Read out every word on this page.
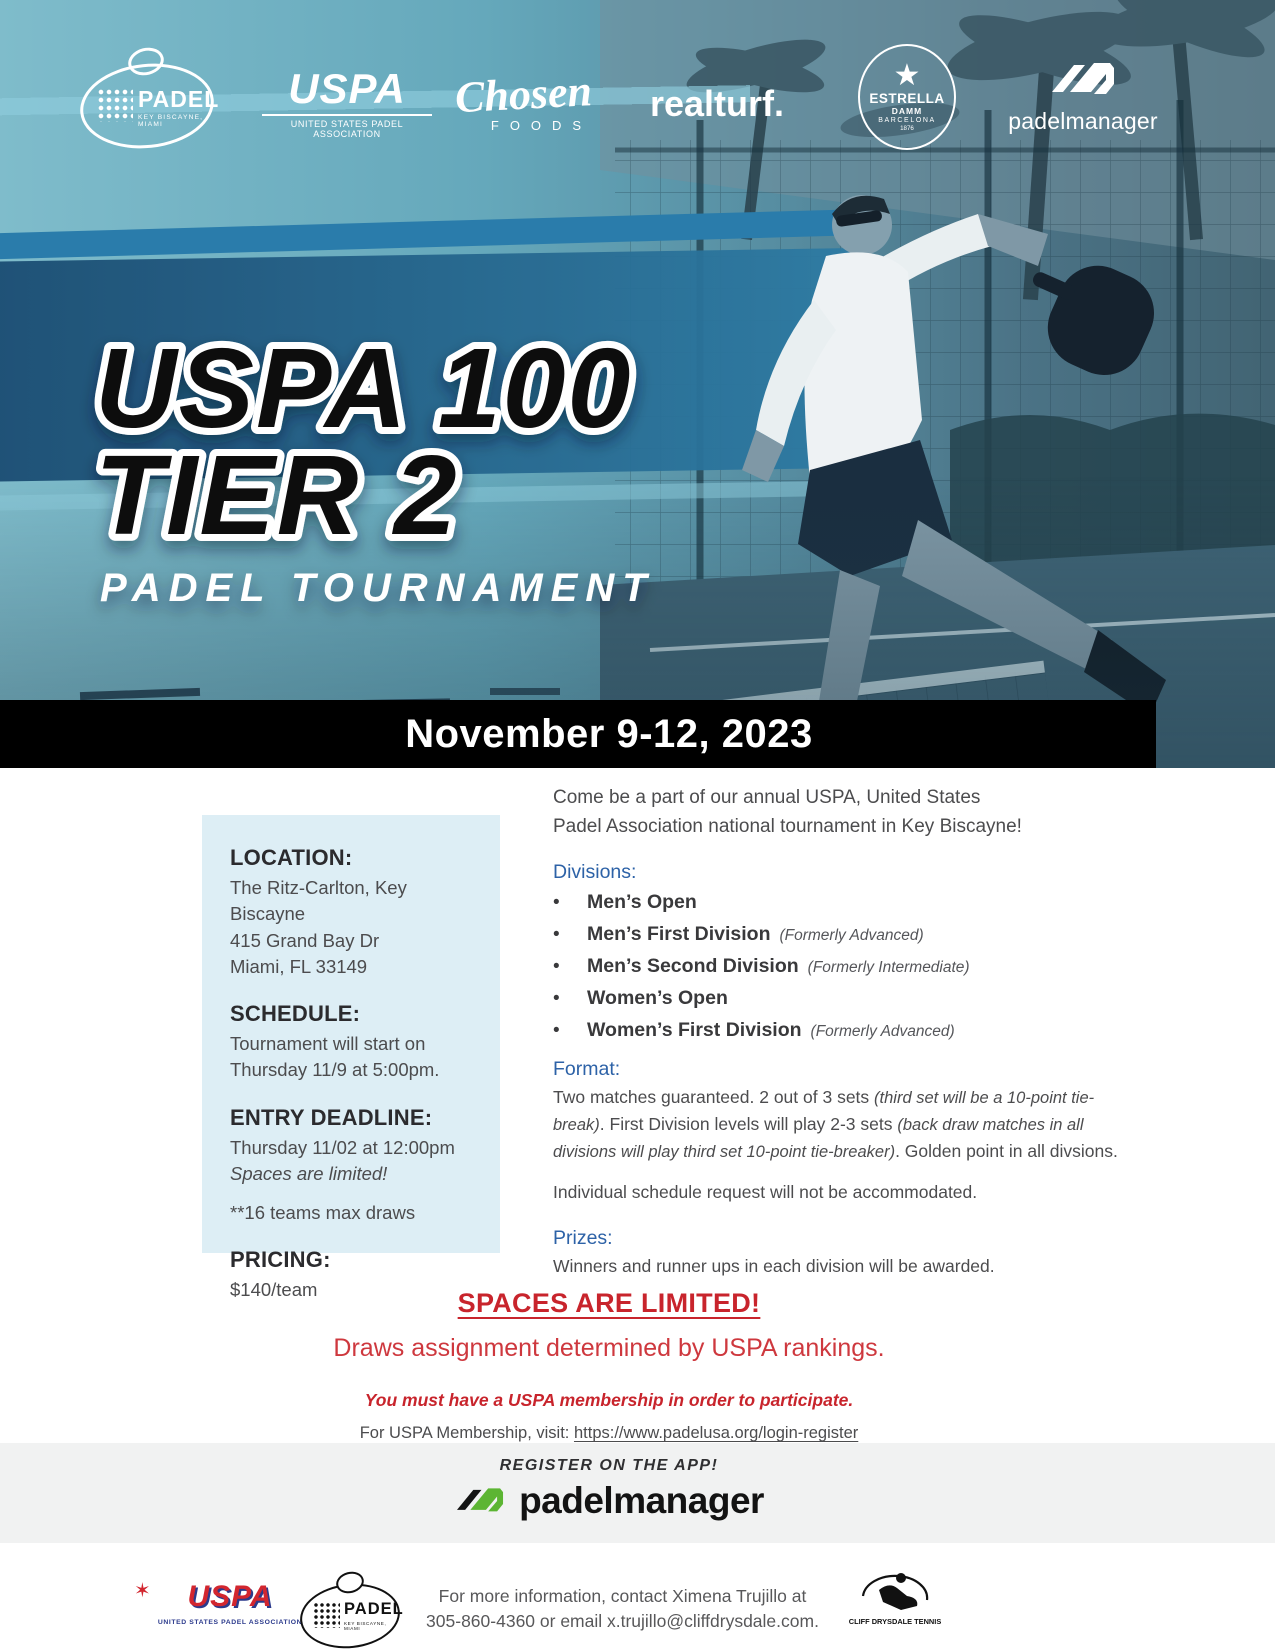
USPA 100
TIER 2
PADEL TOURNAMENT
PADEL
KEY BISCAYNE, MIAMI
USPA
UNITED STATES PADEL ASSOCIATION
Chosen
FOODS
realturf.
★
ESTRELLA
DAMM
BARCELONA
1876	padelmanager
November 9-12, 2023
LOCATION:
The Ritz-Carlton, Key Biscayne
415 Grand Bay Dr
Miami, FL 33149
SCHEDULE:
Tournament will start on
Thursday 11/9 at 5:00pm.
ENTRY DEADLINE:
Thursday 11/02 at 12:00pm
Spaces are limited!
**16 teams max draws
PRICING:
$140/team
Come be a part of our annual USPA, United States
Padel Association national tournament in Key Biscayne!
Divisions:
•	Men’s Open
•	Men’s First Division (Formerly Advanced)
•	Men’s Second Division (Formerly Intermediate)
•	Women’s Open
•	Women’s First Division (Formerly Advanced)
Format:

Two matches guaranteed. 2 out of 3 sets (third set will be a 10-point tie-break). First Division levels will play 2-3 sets (back draw matches in all divisions will play third set 10-point tie-breaker). Golden point in all divsions.

Individual schedule request will not be accommodated.
Prizes:
Winners and runner ups in each division will be awarded.
SPACES ARE LIMITED!
Draws assignment determined by USPA rankings.
You must have a USPA membership in order to participate.
For USPA Membership, visit: https://www.padelusa.org/login-register
REGISTER ON THE APP!
padelmanager
✶	USPA
UNITED STATES PADEL ASSOCIATION
PADEL
KEY BISCAYNE, MIAMI
For more information, contact Ximena Trujillo at
305-860-4360 or email x.trujillo@cliffdrysdale.com.	CLIFF DRYSDALE TENNIS
